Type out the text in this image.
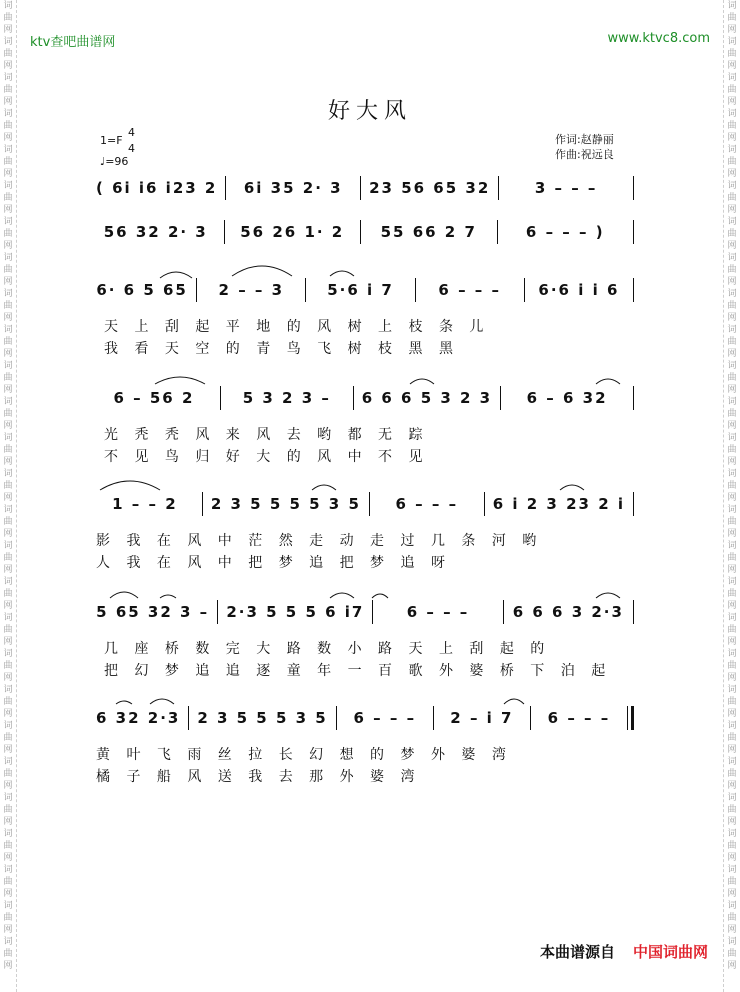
词
曲
网
词
曲
网
词
曲
网
词
曲
网
词
曲
网
词
曲
网
词
曲
网
词
曲
网
词
曲
网
词
曲
网
词
曲
网
词
曲
网
词
曲
网
词
曲
网
词
曲
网
词
曲
网
词
曲
网
词
曲
网
词
曲
网
词
曲
网
词
曲
网
词
曲
网
词
曲
网
词
曲
网
词
曲
网
词
曲
网
词
曲
网
词
曲
网
词
曲
网
词
曲
网
词
曲
网
词
曲
网
词
曲
网
词
曲
网
词
曲
网
词
曲
网
词
曲
网
词
曲
网
词
曲
网
词
曲
网
词
曲
网
词
曲
网
词
曲
网
词
曲
网
词
曲
网
词
曲
网
词
曲
网
词
曲
网
词
曲
网
词
曲
网
词
曲
网
词
曲
网
词
曲
网
词
曲
网
ktv查吧曲谱网	www.ktvc8.com
好大风
1=F
4
4
♩=96
作词:赵静丽
作曲:祝远良
( 6i i6 i23 2	6i 35 2· 3	23 56 65 32	3 – – –
56 32 2· 3	56 26 1· 2	55 66 2 7	6 – – – )
6· 6 5 65	2 – – 3	5·6 i 7	6 – – –	6·6 i i 6
6 – 56 2	5 3 2 3 –	6 6 6 5 3 2 3	6 – 6 32
1 – – 2	2 3 5 5 5 5 3 5	6 – – –	6 i 2 3 23 2 i
5 65 32 3 – 2·3 5 5 5 6 i7	6 – – –	6 6 6 3 2·3
6 32 2·3 2 3 5 5 5 3 5	6 – – –	2 – i 7	6 – – –
天 上 刮 起 平 地 的 风 树 上 枝 条 儿
我 看 天 空 的 青 鸟 飞 树 枝 黑 黑
光 秃 秃 风 来 风 去 哟 都 无 踪
不 见 鸟 归 好 大 的 风 中 不 见
影 我 在 风 中 茫 然 走 动 走 过 几 条 河 哟
人 我 在 风 中 把 梦 追 把 梦 追 呀
几 座 桥 数 完 大 路 数 小 路 天 上 刮 起 的
把 幻 梦 追 追 逐 童 年 一 百 歌 外 婆 桥 下 泊 起
黄 叶 飞 雨 丝 拉 长 幻 想 的 梦 外 婆 湾
橘 子 船 风 送 我 去 那 外 婆 湾
本曲谱源自 中国词曲网
